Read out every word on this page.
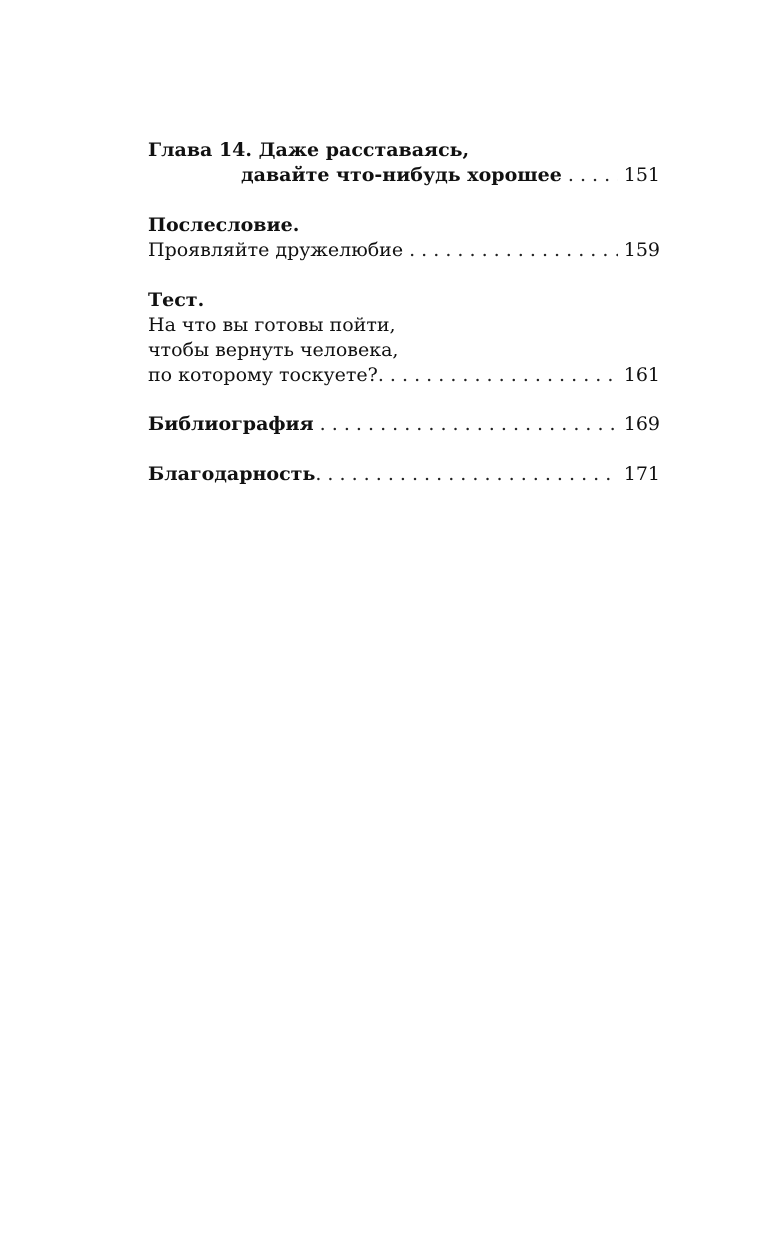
Глава 14. Даже расставаясь,
давайте что-нибудь хорошее . . .	151
Послесловие.
Проявляйте дружелюбие . . .	159
Тест.
На что вы готовы пойти,
чтобы вернуть человека,
по которому тоскуете? . . .	161
Библиография . . .	169
Благодарность . . .	171
